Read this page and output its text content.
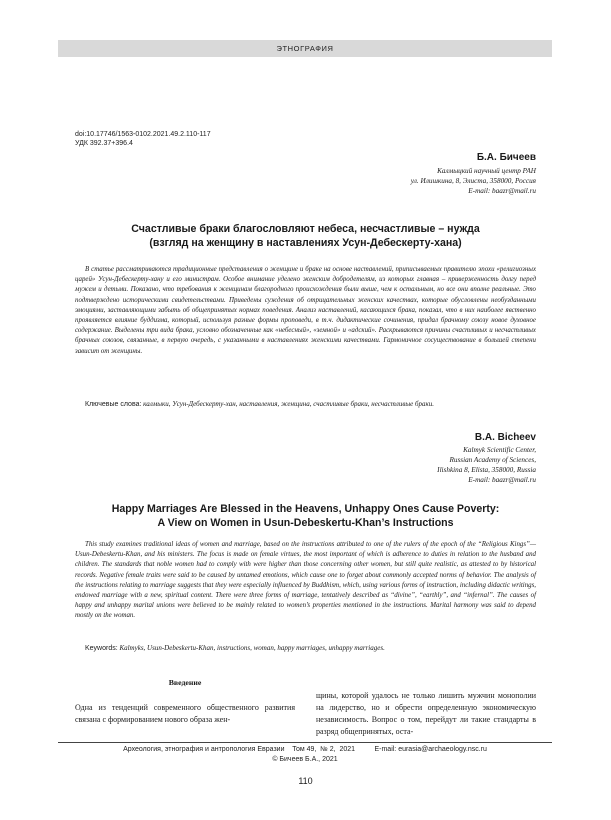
ЭТНОГРАФИЯ
doi:10.17746/1563-0102.2021.49.2.110-117
УДК 392.37+396.4
Б.А. Бичеев
Калмыцкий научный центр РАН
ул. Илишкина, 8, Элиста, 358000, Россия
E-mail: baazr@mail.ru
Счастливые браки благословляют небеса, несчастливые – нужда
(взгляд на женщину в наставлениях Усун-Дебескерту-хана)

В статье рассматриваются традиционные представления о женщине и браке на основе наставлений, приписываемых правителю эпохи «религиозных царей» Усун-Дебескерту-хану и его министрам. Особое внимание уделено женским добродетелям, из которых главная – приверженность долгу перед мужем и детьми. Показано, что требования к женщинам благородного происхождения были выше, чем к остальным, но все они вполне реальные. Это подтверждено историческими свидетельствами. Приведены суждения об отрицательных женских качествах, которые обусловлены необузданными эмоциями, заставляющими забыть об общепринятых нормах поведения. Анализ наставлений, касающихся брака, показал, что в них наиболее явственно проявляется влияние буддизма, который, используя разные формы проповеди, в т.ч. дидактические сочинения, придал брачному союзу новое духовное содержание. Выделены три вида брака, условно обозначенные как «небесный», «земной» и «адский». Раскрываются причины счастливых и несчастливых брачных союзов, связанные, в первую очередь, с указанными в наставлениях женскими качествами. Гармоничное сосуществование в большей степени зависит от женщины.

Ключевые слова: калмыки, Усун-Дебескерту-хан, наставления, женщина, счастливые браки, несчастливые браки.
B.A. Bicheev
Kalmyk Scientific Center,
Russian Academy of Sciences,
Ilishkina 8, Elista, 358000, Russia
E-mail: baazr@mail.ru
Happy Marriages Are Blessed in the Heavens, Unhappy Ones Cause Poverty:
A View on Women in Usun-Debeskertu-Khan’s Instructions

This study examines traditional ideas of women and marriage, based on the instructions attributed to one of the rulers of the epoch of the “Religious Kings”—Usun-Debeskertu-Khan, and his ministers. The focus is made on female virtues, the most important of which is adherence to duties in relation to the husband and children. The standards that noble women had to comply with were higher than those concerning other women, but still quite realistic, as attested to by historical records. Negative female traits were said to be caused by untamed emotions, which cause one to forget about commonly accepted norms of behavior. The analysis of the instructions relating to marriage suggests that they were especially influenced by Buddhism, which, using various forms of instruction, including didactic writings, endowed marriage with a new, spiritual content. There were three forms of marriage, tentatively described as “divine”, “earthly”, and “infernal”. The causes of happy and unhappy marital unions were believed to be mainly related to women’s properties mentioned in the instructions. Marital harmony was said to depend mostly on the woman.

Keywords: Kalmyks, Usun-Debeskertu-Khan, instructions, woman, happy marriages, unhappy marriages.
Введение

Одна из тенденций современного общественного развития связана с формированием нового образа жен-

щины, которой удалось не только лишить мужчин монополии на лидерство, но и обрести определенную экономическую независимость. Вопрос о том, перейдут ли такие стандарты в разряд общепринятых, оста-

Археология, этнография и антропология Евразии    Том 49,  № 2,  2021          E-mail: eurasia@archaeology.nsc.ru
© Бичеев Б.А., 2021
110
